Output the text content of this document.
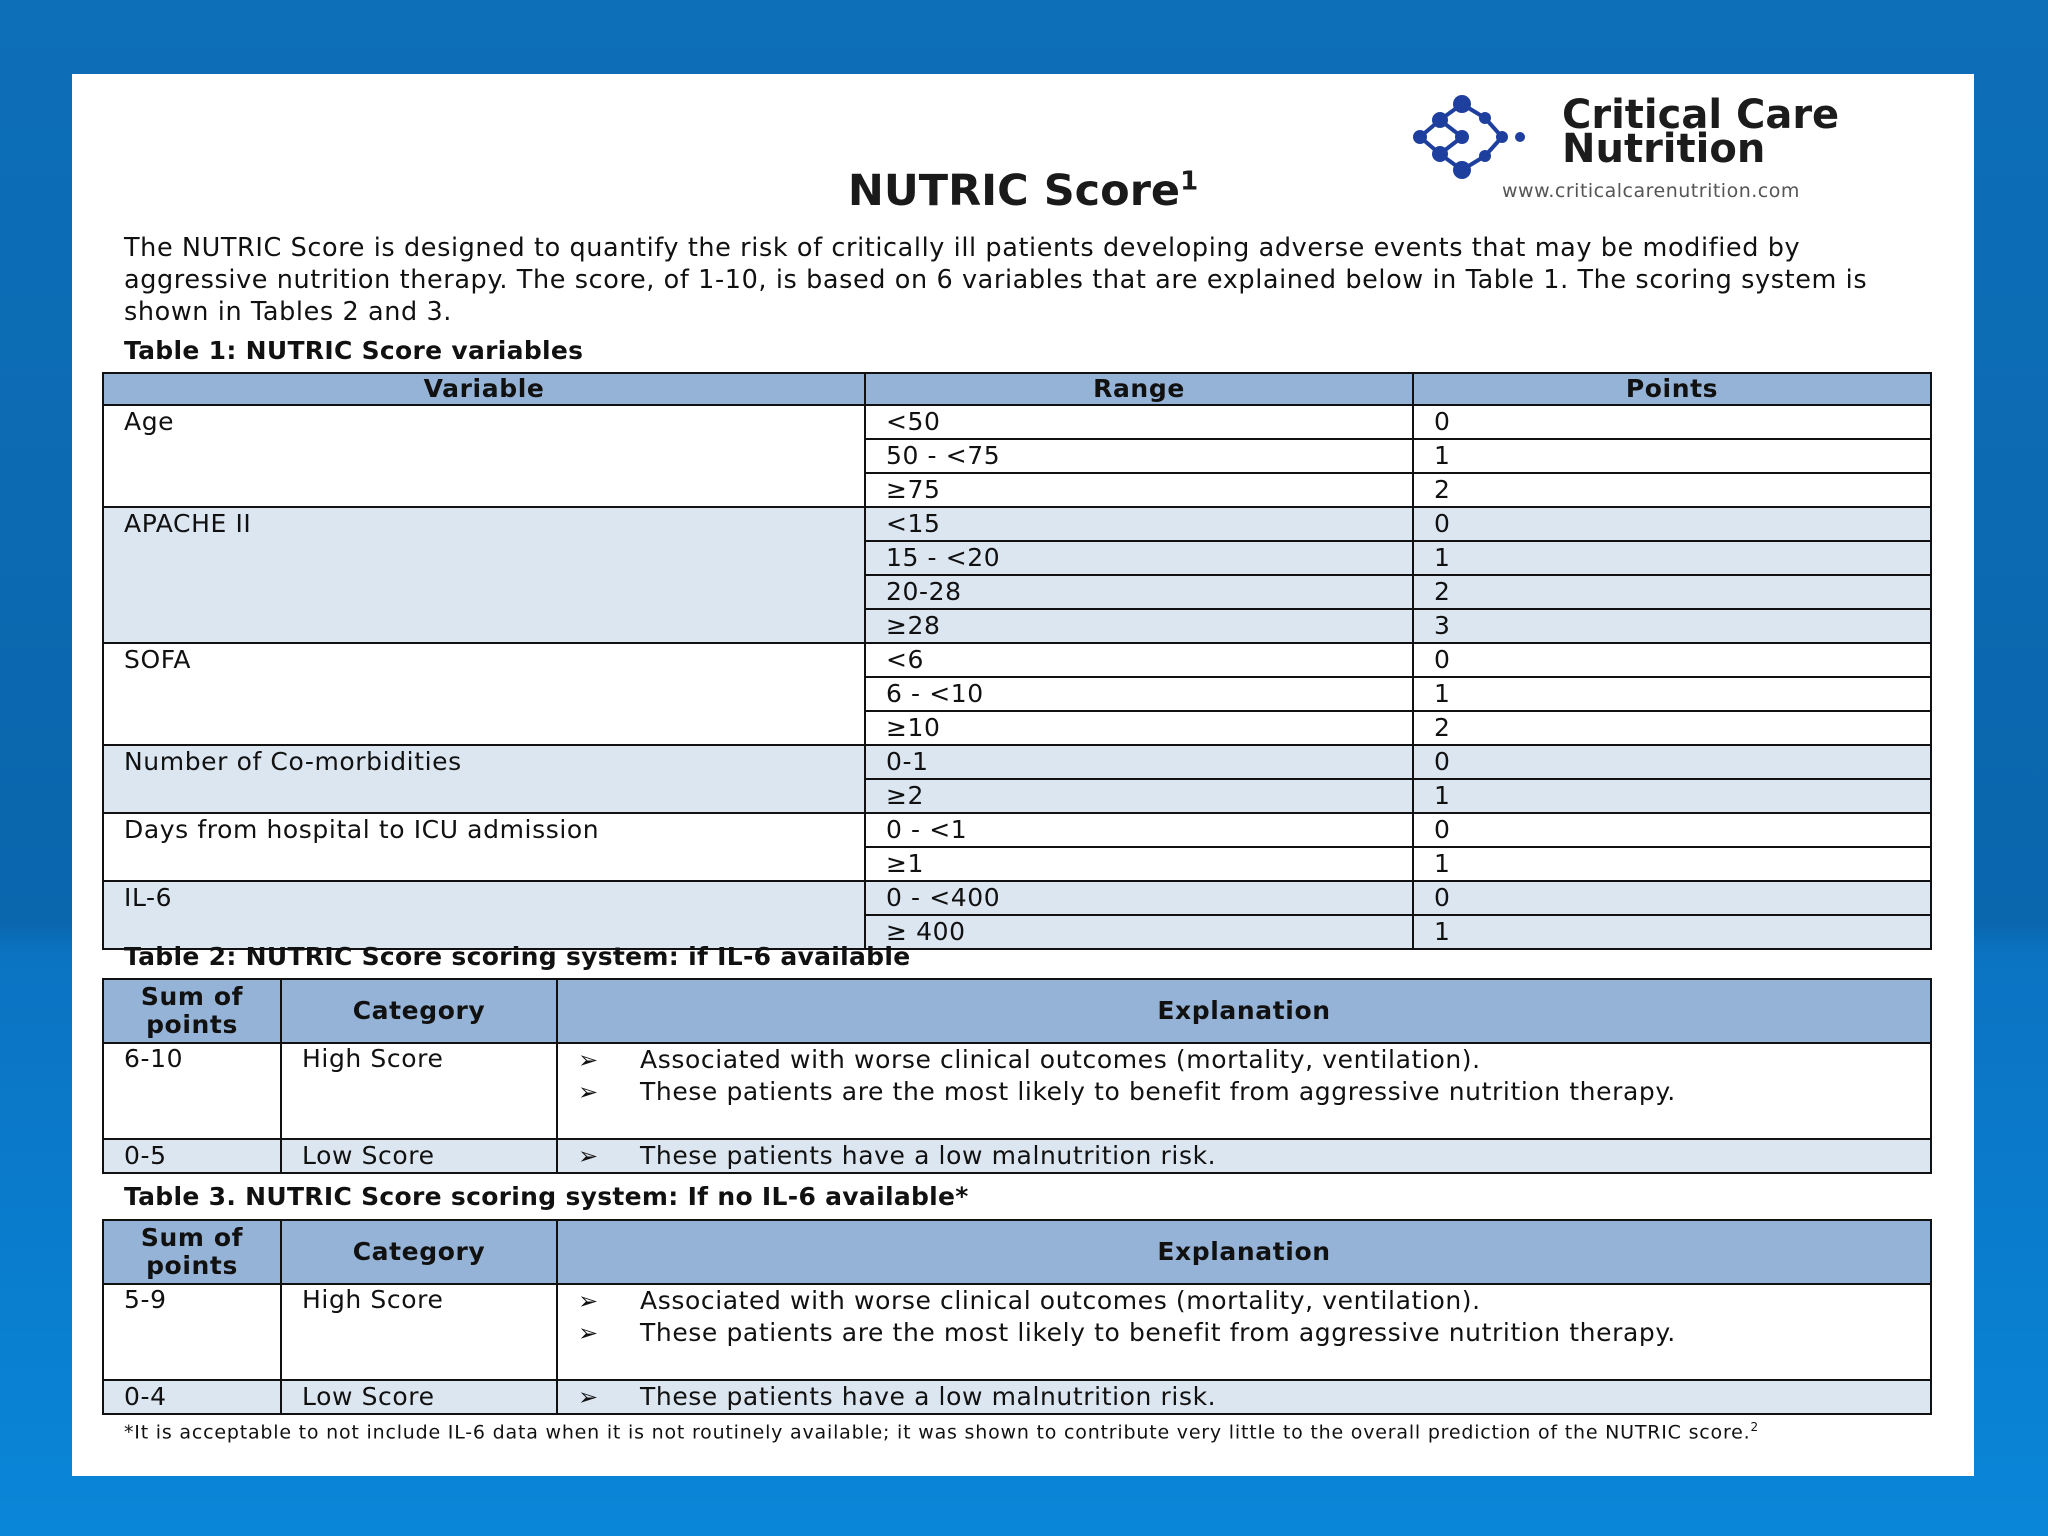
Critical Care
Nutrition
www.criticalcarenutrition.com
NUTRIC Score$^1$
The NUTRIC Score is designed to quantify the risk of critically ill patients developing adverse events that may be modified by aggressive nutrition therapy. The score, of 1-10, is based on 6 variables that are explained below in Table 1. The scoring system is shown in Tables 2 and 3.
Table 1: NUTRIC Score variables
Variable	Range	Points
Age	<50	0
	50 - <75	1
	≥75	2
APACHE II	<15	0
	15 - <20	1
	20-28	2
	≥28	3
SOFA	<6	0
	6 - <10	1
	≥10	2
Number of Co-morbidities	0-1	0
	≥2	1
Days from hospital to ICU admission	0 - <1	0
	≥1	1
IL-6	0 - <400	0
	≥ 400	1
Table 2: NUTRIC Score scoring system: if IL-6 available
Sum of points	Category	Explanation
6-10	High Score	➢ Associated with worse clinical outcomes (mortality, ventilation).
➢ These patients are the most likely to benefit from aggressive nutrition therapy.

0-5	Low Score	➢ These patients have a low malnutrition risk.
Table 3. NUTRIC Score scoring system: If no IL-6 available*
Sum of points	Category	Explanation
5-9	High Score	➢ Associated with worse clinical outcomes (mortality, ventilation).
➢ These patients are the most likely to benefit from aggressive nutrition therapy.

0-4	Low Score	➢ These patients have a low malnutrition risk.
*It is acceptable to not include IL-6 data when it is not routinely available; it was shown to contribute very little to the overall prediction of the NUTRIC score.$^2$
